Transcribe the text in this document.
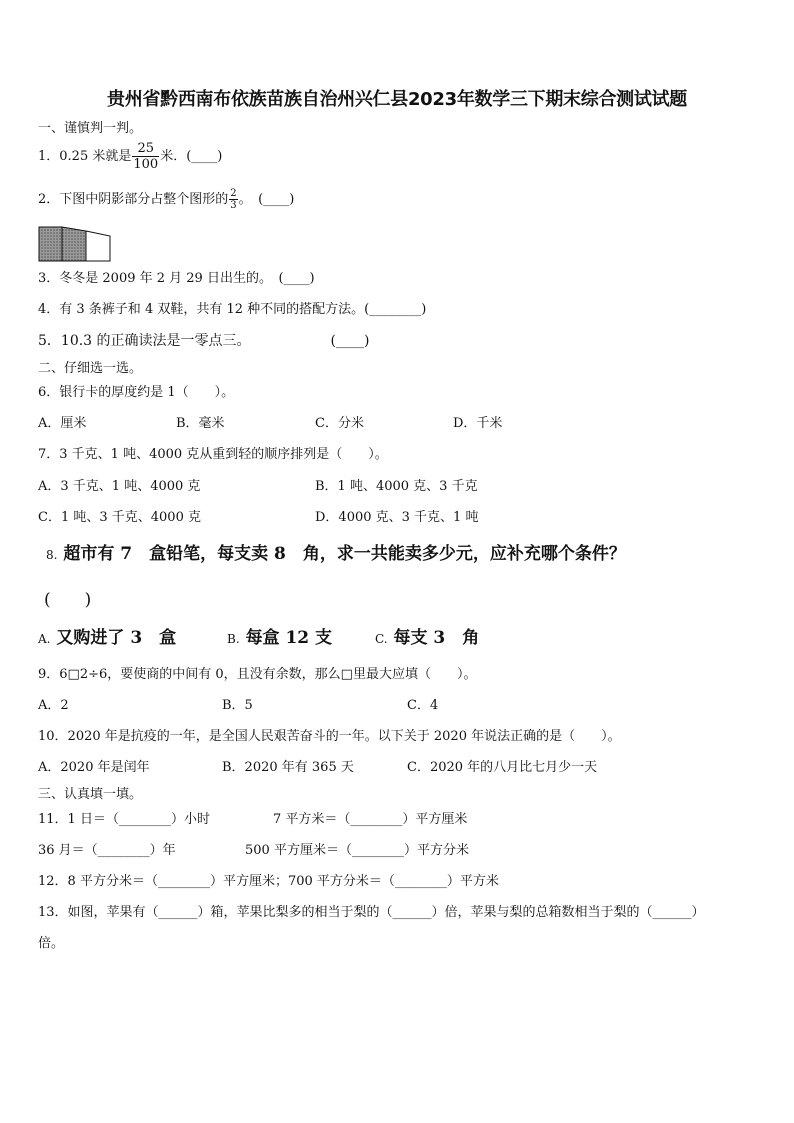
贵州省黔西南布依族苗族自治州兴仁县2023年数学三下期末综合测试试题
一、谨慎判一判。
1．0.25 米就是 $\frac{25}{100}$ 米．(____)
2．下图中阴影部分占整个图形的 $\frac{2}{3}$ 。　(____)
3．冬冬是 2009 年 2 月 29 日出生的。　(____)
4．有 3 条裤子和 4 双鞋，共有 12 种不同的搭配方法。(________)
5．10.3 的正确读法是一零点三。	(____)
二、仔细选一选。
6．银行卡的厚度约是 1（　　）。
A．厘米	B．毫米	C．分米	D．千米
7．3 千克、1 吨、4000 克从重到轻的顺序排列是（　　）。
A．3 千克、1 吨、4000 克	B．1 吨、4000 克、3 千克
C．1 吨、3 千克、4000 克	D．4000 克、3 千克、1 吨
8. 超市有 7　盒铅笔，每支卖 8　角，求一共能卖多少元，应补充哪个条件？
(　　)
A. 又购进了 3　盒	B. 每盒 12 支	C. 每支 3　角
9．6□2÷6，要使商的中间有 0，且没有余数，那么□里最大应填（　　）。
A．2	B．5	C．4
10．2020 年是抗疫的一年，是全国人民艰苦奋斗的一年。以下关于 2020 年说法正确的是（　　）。
A．2020 年是闰年	B．2020 年有 365 天	C．2020 年的八月比七月少一天
三、认真填一填。
11．1 日＝（________）小时	7 平方米＝（________）平方厘米
36 月＝（________）年	500 平方厘米＝（________）平方分米
12．8 平方分米＝（________）平方厘米；700 平方分米＝（________）平方米
13．如图，苹果有（______）箱，苹果比梨多的相当于梨的（______）倍，苹果与梨的总箱数相当于梨的（______）
倍。
